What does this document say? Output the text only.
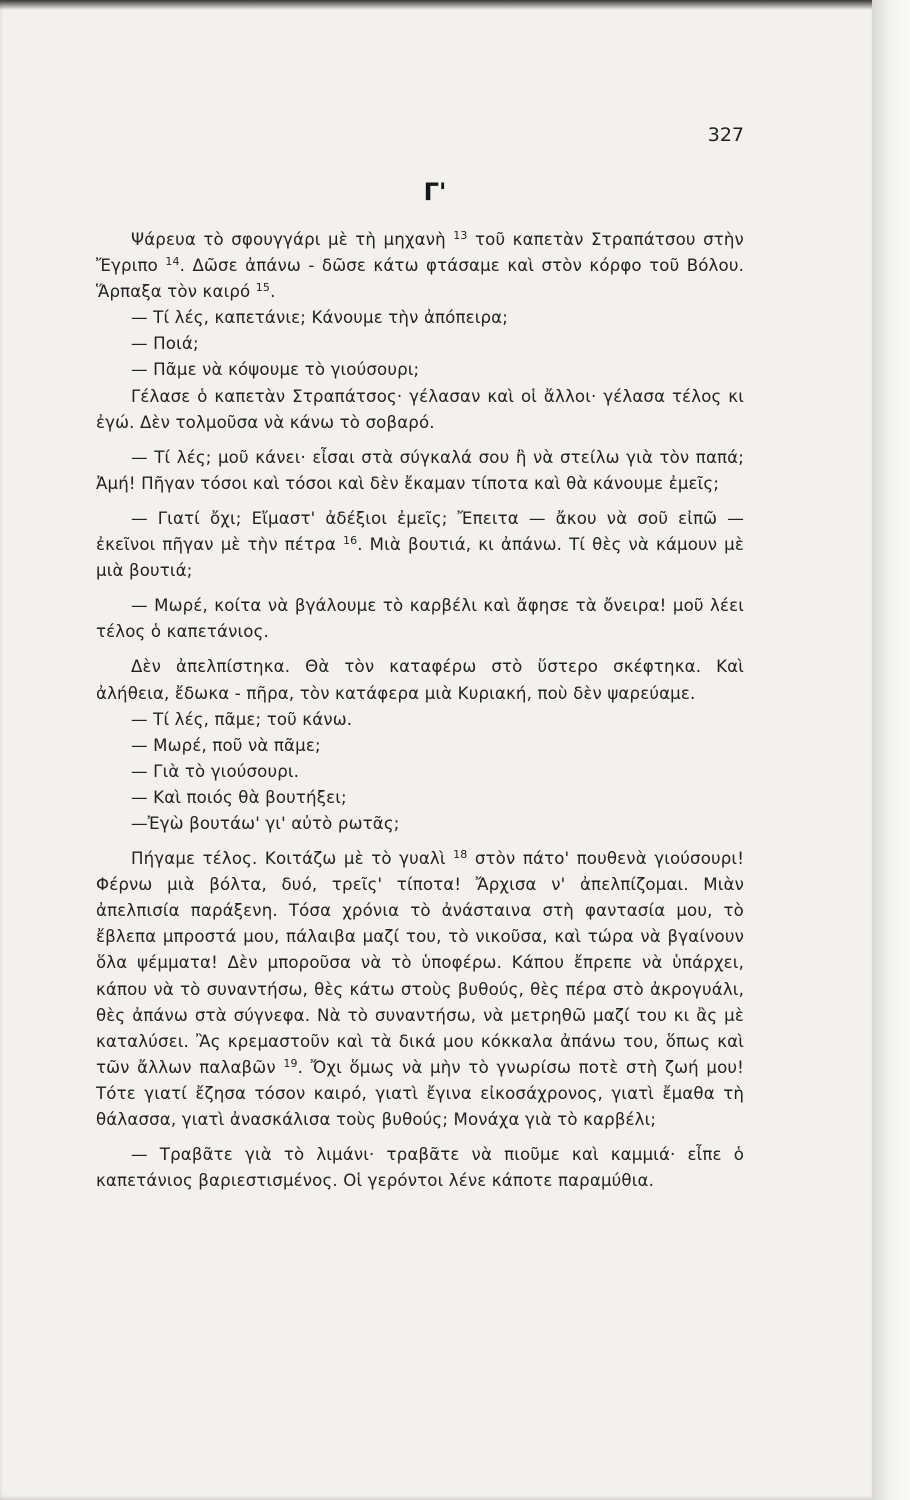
327
Γ'

Ψάρευα τὸ σφουγγάρι μὲ τὴ μηχανὴ $^{13}$ τοῦ καπετὰν Στραπάτσου στὴν Ἔγριπο $^{14}$. Δῶσε ἀπάνω - δῶσε κάτω φτάσαμε καὶ στὸν κόρφο τοῦ Βόλου. Ἅρπαξα τὸν καιρό $^{15}$.

— Τί λές, καπετάνιε; Κάνουμε τὴν ἀπόπειρα;

— Ποιά;

— Πᾶμε νὰ κόψουμε τὸ γιούσουρι;

Γέλασε ὁ καπετὰν Στραπάτσος· γέλασαν καὶ οἱ ἄλλοι· γέλασα τέλος κι ἐγώ. Δὲν τολμοῦσα νὰ κάνω τὸ σοβαρό.

— Τί λές; μοῦ κάνει· εἶσαι στὰ σύγκαλά σου ἢ νὰ στείλω γιὰ τὸν παπά; Ἀμή! Πῆγαν τόσοι καὶ τόσοι καὶ δὲν ἔκαμαν τίποτα καὶ θὰ κάνουμε ἐμεῖς;

— Γιατί ὄχι; Εἴμαστ' ἀδέξιοι ἐμεῖς; Ἔπειτα — ἄκου νὰ σοῦ εἰπῶ — ἐκεῖνοι πῆγαν μὲ τὴν πέτρα $^{16}$. Μιὰ βουτιά, κι ἀπάνω. Τί θὲς νὰ κάμουν μὲ μιὰ βουτιά;

— Μωρέ, κοίτα νὰ βγάλουμε τὸ καρβέλι καὶ ἄφησε τὰ ὄνειρα! μοῦ λέει τέλος ὁ καπετάνιος.

Δὲν ἀπελπίστηκα. Θὰ τὸν καταφέρω στὸ ὕστερο σκέφτηκα. Καὶ ἀλήθεια, ἔδωκα - πῆρα, τὸν κατάφερα μιὰ Κυριακή, ποὺ δὲν ψαρεύαμε.

— Τί λές, πᾶμε; τοῦ κάνω.

— Μωρέ, ποῦ νὰ πᾶμε;

— Γιὰ τὸ γιούσουρι.

— Καὶ ποιός θὰ βουτήξει;

—Ἐγὼ βουτάω' γι' αὐτὸ ρωτᾶς;

Πήγαμε τέλος. Κοιτάζω μὲ τὸ γυαλὶ $^{18}$ στὸν πάτο' πουθενὰ γιούσουρι! Φέρνω μιὰ βόλτα, δυό, τρεῖς' τίποτα! Ἄρχισα ν' ἀπελπίζομαι. Μιὰν ἀπελπισία παράξενη. Τόσα χρόνια τὸ ἀνάσταινα στὴ φαντασία μου, τὸ ἔβλεπα μπροστά μου, πάλαιβα μαζί του, τὸ νικοῦσα, καὶ τώρα νὰ βγαίνουν ὅλα ψέμματα! Δὲν μποροῦσα νὰ τὸ ὑποφέρω. Κάπου ἔπρεπε νὰ ὑπάρχει, κάπου νὰ τὸ συναντήσω, θὲς κάτω στοὺς βυθούς, θὲς πέρα στὸ ἀκρογυάλι, θὲς ἀπάνω στὰ σύγνεφα. Νὰ τὸ συναντήσω, νὰ μετρηθῶ μαζί του κι ἂς μὲ καταλύσει. Ἂς κρεμαστοῦν καὶ τὰ δικά μου κόκκαλα ἀπάνω του, ὅπως καὶ τῶν ἄλλων παλαβῶν $^{19}$. Ὄχι ὅμως νὰ μὴν τὸ γνωρίσω ποτὲ στὴ ζωή μου! Τότε γιατί ἔζησα τόσον καιρό, γιατὶ ἔγινα εἰκοσάχρονος, γιατὶ ἔμαθα τὴ θάλασσα, γιατὶ ἀνασκάλισα τοὺς βυθούς; Μονάχα γιὰ τὸ καρβέλι;

— Τραβᾶτε γιὰ τὸ λιμάνι· τραβᾶτε νὰ πιοῦμε καὶ καμμιά· εἶπε ὁ καπετάνιος βαριεστισμένος. Οἱ γερόντοι λένε κάποτε παραμύθια.
